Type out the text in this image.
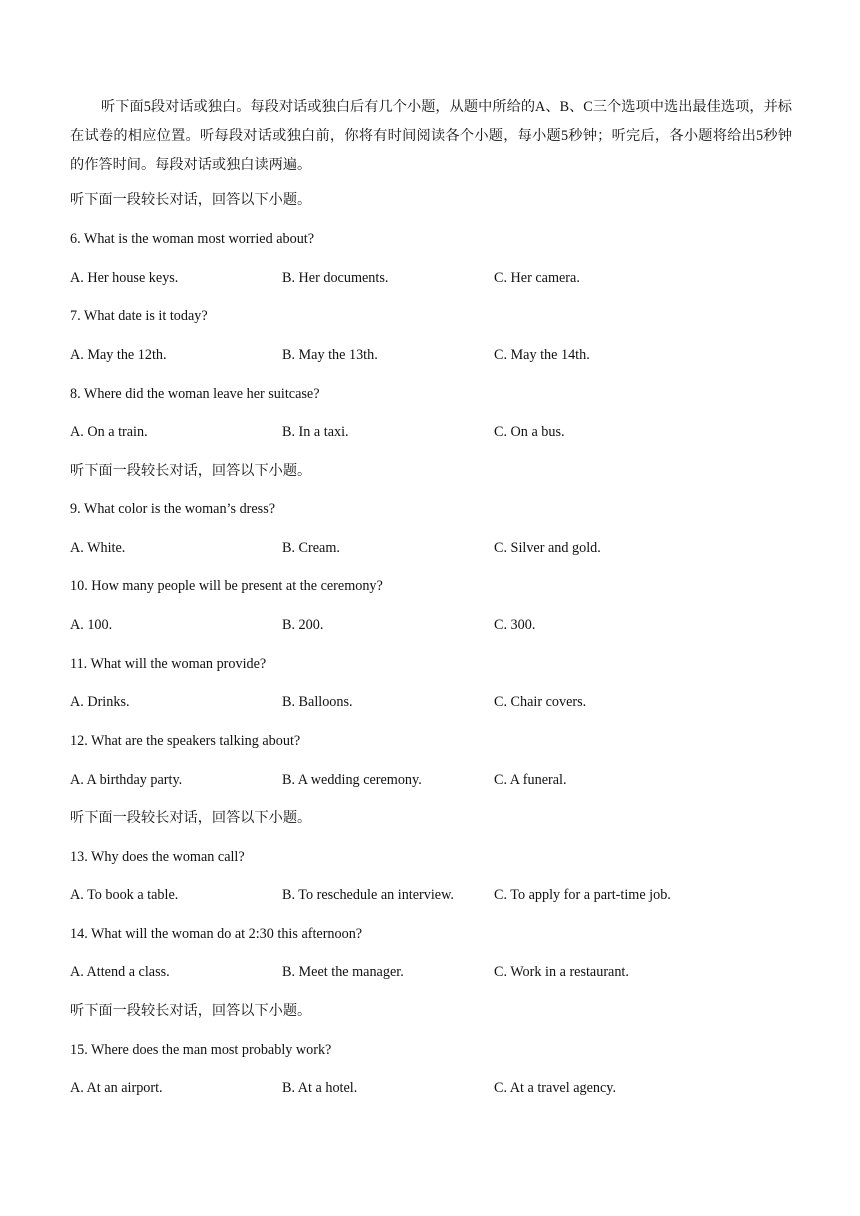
听下面5段对话或独白。每段对话或独白后有几个小题，从题中所给的A、B、C三个选项中选出最佳选项，并标在试卷的相应位置。听每段对话或独白前，你将有时间阅读各个小题，每小题5秒钟；听完后，各小题将给出5秒钟的作答时间。每段对话或独白读两遍。
听下面一段较长对话，回答以下小题。
6. What is the woman most worried about?
A. Her house keys.	B. Her documents.	C. Her camera.
7. What date is it today?
A. May the 12th.	B. May the 13th.	C. May the 14th.
8. Where did the woman leave her suitcase?
A. On a train.	B. In a taxi.	C. On a bus.
听下面一段较长对话，回答以下小题。
9. What color is the woman’s dress?
A. White.	B. Cream.	C. Silver and gold.
10. How many people will be present at the ceremony?
A. 100.	B. 200.	C. 300.
11. What will the woman provide?
A. Drinks.	B. Balloons.	C. Chair covers.
12. What are the speakers talking about?
A. A birthday party.	B. A wedding ceremony.	C. A funeral.
听下面一段较长对话，回答以下小题。
13. Why does the woman call?
A. To book a table.	B. To reschedule an interview.	C. To apply for a part-time job.
14. What will the woman do at 2:30 this afternoon?
A. Attend a class.	B. Meet the manager.	C. Work in a restaurant.
听下面一段较长对话，回答以下小题。
15. Where does the man most probably work?
A. At an airport.	B. At a hotel.	C. At a travel agency.
